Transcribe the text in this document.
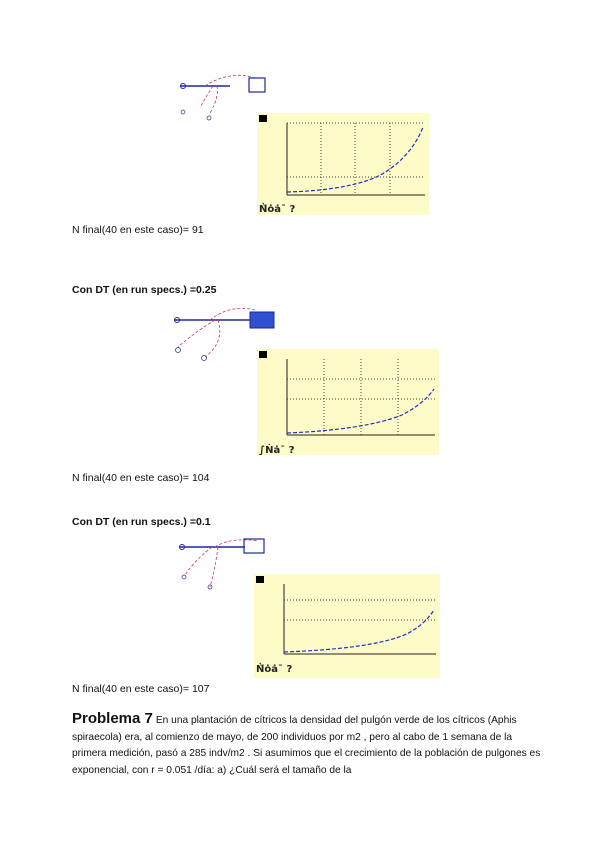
Ṅ̈ȯȧ¯ ?
N final(40 en este caso)= 91
Con DT (en run specs.) =0.25
∫Ṅȧ¯ ?
N final(40 en este caso)= 104
Con DT (en run specs.) =0.1
Ṅ̈ȯȧ¯ ?
N final(40 en este caso)= 107
Problema 7 En una plantación de cítricos la densidad del pulgón verde de los cítricos (Aphis spiraecola) era, al comienzo de mayo, de 200 individuos por m2 , pero al cabo de 1 semana de la primera medición, pasó a 285 indv/m2 . Si asumimos que el crecimiento de la población de pulgones es exponencial, con r = 0.051 /día: a) ¿Cuál será el tamaño de la
